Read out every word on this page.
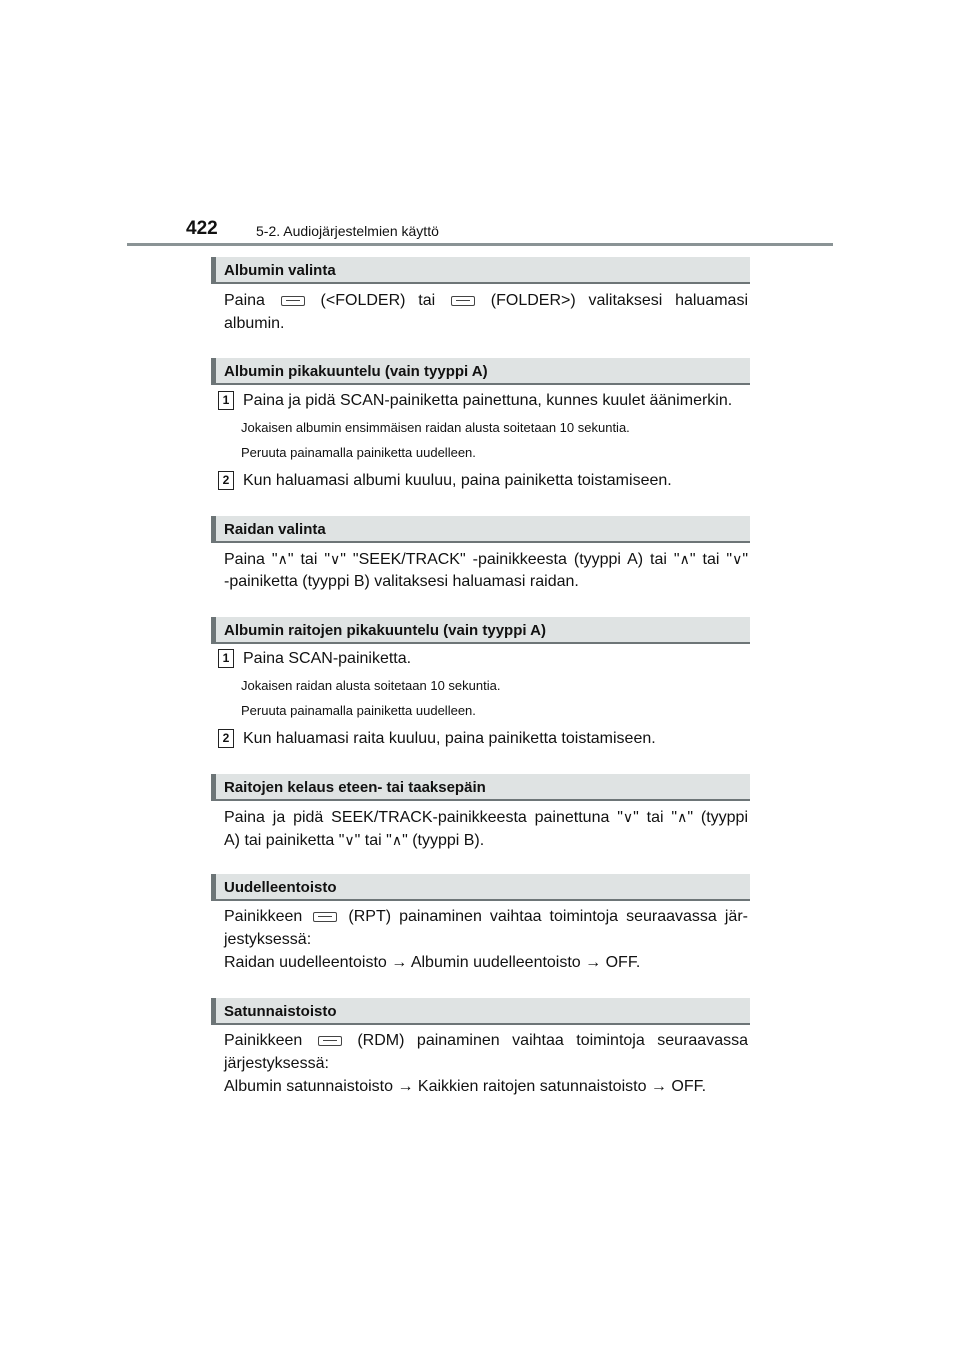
422	5-2. Audiojärjestelmien käyttö
Albumin valinta
Paina	(<FOLDER) tai	(FOLDER>) valitaksesi haluamasi
albumin.
Albumin pikakuuntelu (vain tyyppi A)
1 Paina ja pidä SCAN-painiketta painettuna, kunnes kuulet äänimerkin.
Jokaisen albumin ensimmäisen raidan alusta soitetaan 10 sekuntia.
Peruuta painamalla painiketta uudelleen.
2 Kun haluamasi albumi kuuluu, paina painiketta toistamiseen.
Raidan valinta
Paina "∧" tai "∨" "SEEK/TRACK" -painikkeesta (tyyppi A) tai "∧" tai "∨"
-painiketta (tyyppi B) valitaksesi haluamasi raidan.
Albumin raitojen pikakuuntelu (vain tyyppi A)
1 Paina SCAN-painiketta.
Jokaisen raidan alusta soitetaan 10 sekuntia.
Peruuta painamalla painiketta uudelleen.
2 Kun haluamasi raita kuuluu, paina painiketta toistamiseen.
Raitojen kelaus eteen- tai taaksepäin
Paina ja pidä SEEK/TRACK-painikkeesta painettuna "∨" tai "∧" (tyyppi
A) tai painiketta "∨" tai "∧" (tyyppi B).
Uudelleentoisto
Painikkeen	(RPT) painaminen vaihtaa toimintoja seuraavassa jär-
jestyksessä:
Raidan uudelleentoisto → Albumin uudelleentoisto → OFF.
Satunnaistoisto
Painikkeen	(RDM) painaminen vaihtaa toimintoja seuraavassa
järjestyksessä:
Albumin satunnaistoisto → Kaikkien raitojen satunnaistoisto → OFF.
